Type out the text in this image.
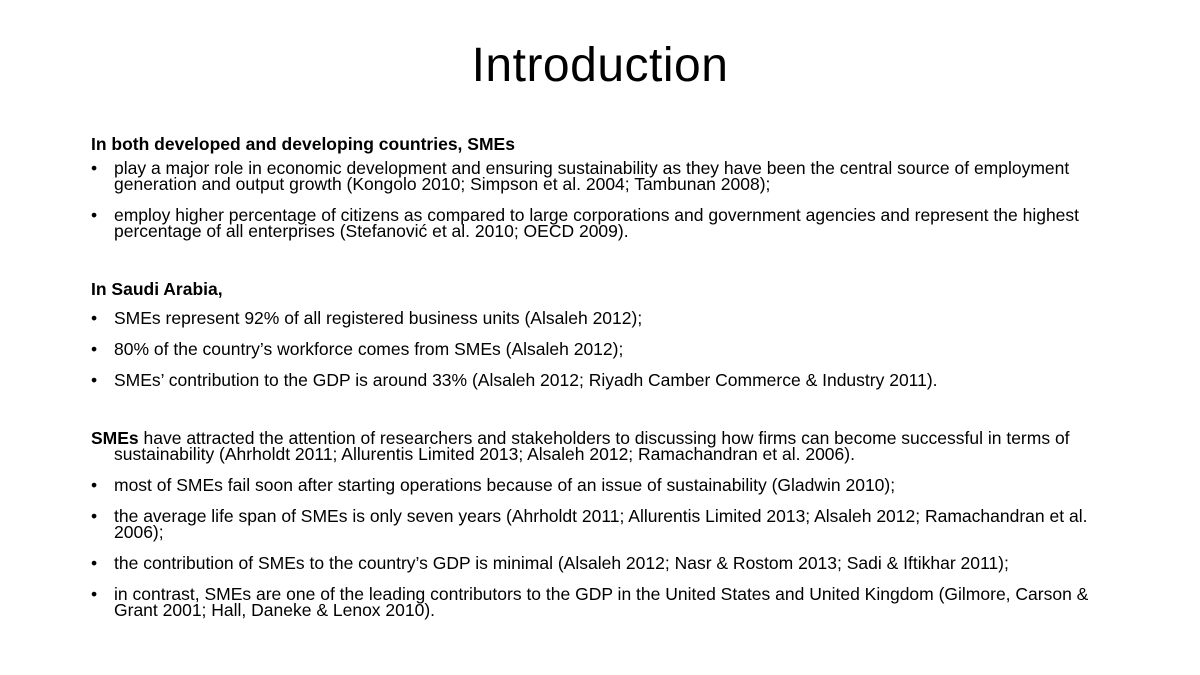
Introduction

In both developed and developing countries, SMEs

• play a major role in economic development and ensuring sustainability as they have been the central source of employment generation and output growth (Kongolo 2010; Simpson et al. 2004; Tambunan 2008);
• employ higher percentage of citizens as compared to large corporations and government agencies and represent the highest percentage of all enterprises (Stefanović et al. 2010; OECD 2009).

In Saudi Arabia,

• SMEs represent 92% of all registered business units (Alsaleh 2012);
• 80% of the country’s workforce comes from SMEs (Alsaleh 2012);
• SMEs’ contribution to the GDP is around 33% (Alsaleh 2012; Riyadh Camber Commerce & Industry 2011).

SMEs have attracted the attention of researchers and stakeholders to discussing how firms can become successful in terms of sustainability (Ahrholdt 2011; Allurentis Limited 2013; Alsaleh 2012; Ramachandran et al. 2006).

• most of SMEs fail soon after starting operations because of an issue of sustainability (Gladwin 2010);
• the average life span of SMEs is only seven years (Ahrholdt 2011; Allurentis Limited 2013; Alsaleh 2012; Ramachandran et al. 2006);
• the contribution of SMEs to the country’s GDP is minimal (Alsaleh 2012; Nasr & Rostom 2013; Sadi & Iftikhar 2011);
• in contrast, SMEs are one of the leading contributors to the GDP in the United States and United Kingdom (Gilmore, Carson & Grant 2001; Hall, Daneke & Lenox 2010).
